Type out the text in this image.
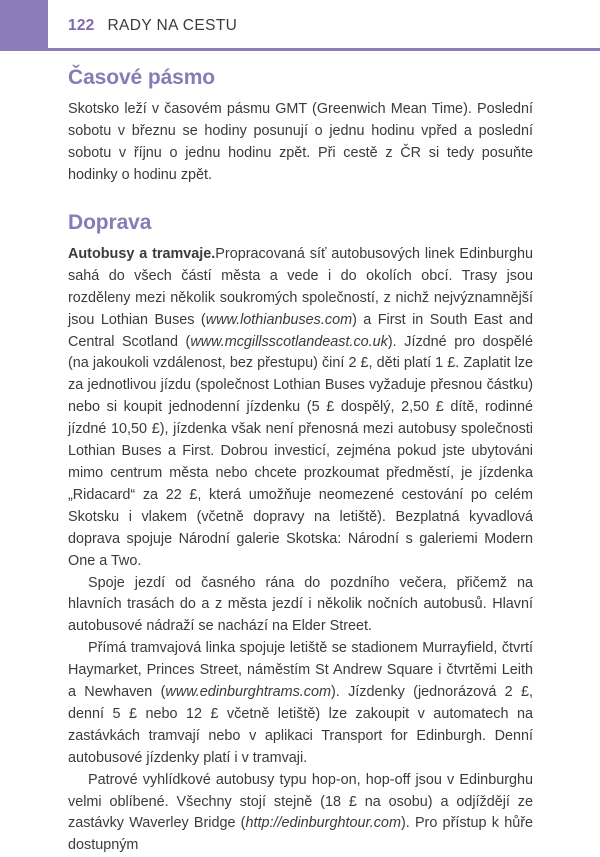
122 RADY NA CESTU
Časové pásmo

Skotsko leží v časovém pásmu GMT (Greenwich Mean Time). Poslední sobotu v březnu se hodiny posunují o jednu hodinu vpřed a poslední sobotu v říjnu o jednu hodinu zpět. Při cestě z ČR si tedy posuňte hodinky o hodinu zpět.

Doprava

Autobusy a tramvaje.Propracovaná síť autobusových linek Edinburghu sahá do všech částí města a vede i do okolích obcí. Trasy jsou rozděleny mezi několik soukromých společností, z nichž nejvýznamnější jsou Lothian Buses (www.lothianbuses.com) a First in South East and Central Scotland (www.mcgillsscotlandeast.co.uk). Jízdné pro dospělé (na jakoukoli vzdálenost, bez přestupu) činí 2 £, děti platí 1 £. Zaplatit lze za jednotlivou jízdu (společnost Lothian Buses vyžaduje přesnou částku) nebo si koupit jednodenní jízdenku (5 £ dospělý, 2,50 £ dítě, rodinné jízdné 10,50 £), jízdenka však není přenosná mezi autobusy společnosti Lothian Buses a First. Dobrou investicí, zejména pokud jste ubytováni mimo centrum města nebo chcete prozkoumat předměstí, je jízdenka „Ridacard“ za 22 £, která umožňuje neomezené cestování po celém Skotsku i vlakem (včetně dopravy na letiště). Bezplatná kyvadlová doprava spojuje Národní galerie Skotska: Národní s galeriemi Modern One a Two.

Spoje jezdí od časného rána do pozdního večera, přičemž na hlavních trasách do a z města jezdí i několik nočních autobusů. Hlavní autobusové nádraží se nachází na Elder Street.

Přímá tramvajová linka spojuje letiště se stadionem Murrayfield, čtvrtí Haymarket, Princes Street, náměstím St Andrew Square i čtvrtěmi Leith a Newhaven (www.edinburghtrams.com). Jízdenky (jednorázová 2 £, denní 5 £ nebo 12 £ včetně letiště) lze zakoupit v automatech na zastávkách tramvají nebo v aplikaci Transport for Edinburgh. Denní autobusové jízdenky platí i v tramvaji.

Patrové vyhlídkové autobusy typu hop-on, hop-off jsou v Edinburghu velmi oblíbené. Všechny stojí stejně (18 £ na osobu) a odjíždějí ze zastávky Waverley Bridge (http://edinburghtour.com). Pro přístup k hůře dostupným
